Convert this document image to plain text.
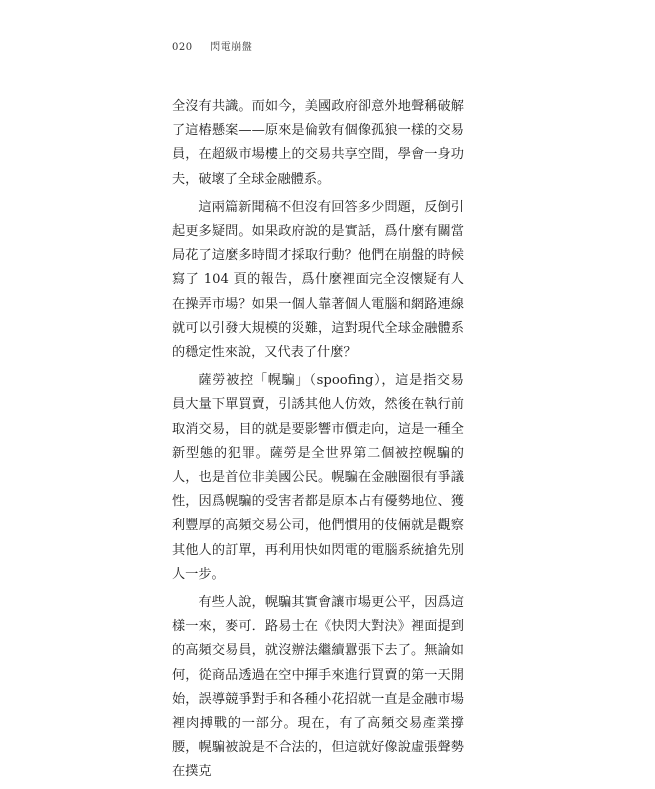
020 閃電崩盤

全沒有共識。而如今，美國政府卻意外地聲稱破解了這樁懸案——原來是倫敦有個像孤狼一樣的交易員，在超級市場樓上的交易共享空間，學會一身功夫，破壞了全球金融體系。

這兩篇新聞稿不但沒有回答多少問題，反倒引起更多疑問。如果政府說的是實話，爲什麼有關當局花了這麼多時間才採取行動？他們在崩盤的時候寫了 104 頁的報告，爲什麼裡面完全沒懷疑有人在操弄市場？如果一個人靠著個人電腦和網路連線就可以引發大規模的災難，這對現代全球金融體系的穩定性來說，又代表了什麼？

薩勞被控「幌騙」（spoofing），這是指交易員大量下單買賣，引誘其他人仿效，然後在執行前取消交易，目的就是要影響市價走向，這是一種全新型態的犯罪。薩勞是全世界第二個被控幌騙的人，也是首位非美國公民。幌騙在金融圈很有爭議性，因爲幌騙的受害者都是原本占有優勢地位、獲利豐厚的高頻交易公司，他們慣用的伎倆就是觀察其他人的訂單，再利用快如閃電的電腦系統搶先別人一步。

有些人說，幌騙其實會讓市場更公平，因爲這樣一來，麥可．路易士在《快閃大對決》裡面提到的高頻交易員，就沒辦法繼續囂張下去了。無論如何，從商品透過在空中揮手來進行買賣的第一天開始，誤導競爭對手和各種小花招就一直是金融市場裡肉搏戰的一部分。現在，有了高頻交易產業撐腰，幌騙被說是不合法的，但這就好像說虛張聲勢在撲克
